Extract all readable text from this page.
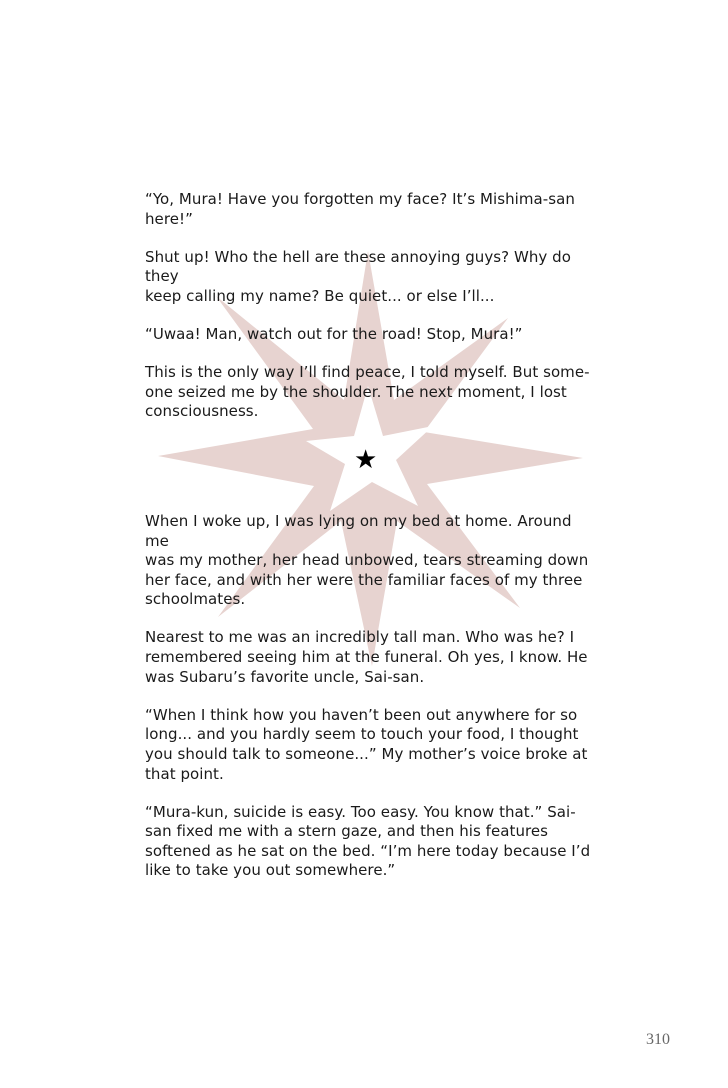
“Yo, Mura! Have you forgotten my face? It’s Mishima-san
here!”

Shut up! Who the hell are these annoying guys? Why do they
keep calling my name? Be quiet... or else I’ll...

“Uwaa! Man, watch out for the road! Stop, Mura!”

This is the only way I’ll find peace, I told myself. But some-
one seized me by the shoulder. The next moment, I lost
consciousness.

★

When I woke up, I was lying on my bed at home. Around me
was my mother, her head unbowed, tears streaming down
her face, and with her were the familiar faces of my three
schoolmates.

Nearest to me was an incredibly tall man. Who was he? I
remembered seeing him at the funeral. Oh yes, I know. He
was Subaru’s favorite uncle, Sai-san.

“When I think how you haven’t been out anywhere for so
long... and you hardly seem to touch your food, I thought
you should talk to someone...” My mother’s voice broke at
that point.

“Mura-kun, suicide is easy. Too easy. You know that.” Sai-
san fixed me with a stern gaze, and then his features
softened as he sat on the bed. “I’m here today because I’d
like to take you out somewhere.”

310
